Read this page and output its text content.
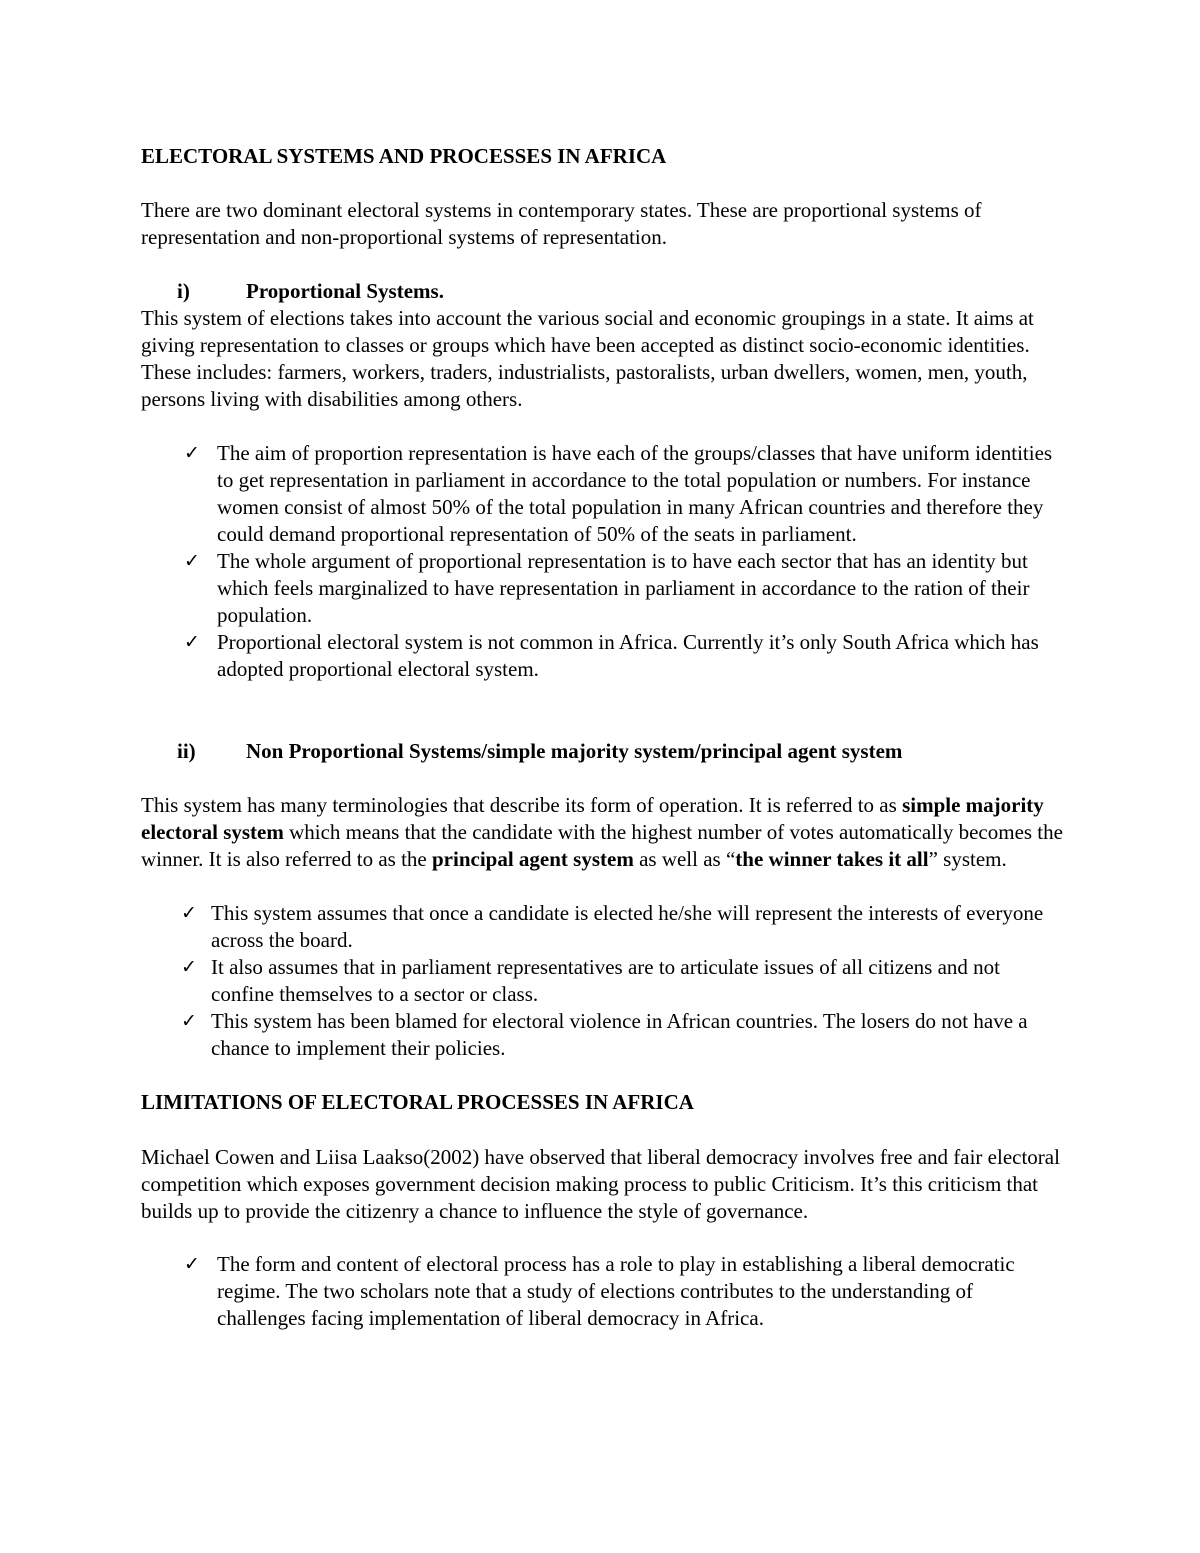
ELECTORAL SYSTEMS AND PROCESSES IN AFRICA

There are two dominant electoral systems in contemporary states. These are proportional systems of representation and non-proportional systems of representation.

i)	Proportional Systems.

This system of elections takes into account the various social and economic groupings in a state. It aims at giving representation to classes or groups which have been accepted as distinct socio-economic identities. These includes: farmers, workers, traders, industrialists, pastoralists, urban dwellers, women, men, youth, persons living with disabilities among others.

✓ The aim of proportion representation is have each of the groups/classes that have uniform identities to get representation in parliament in accordance to the total population or numbers. For instance women consist of almost 50% of the total population in many African countries and therefore they could demand proportional representation of 50% of the seats in parliament.
✓ The whole argument of proportional representation is to have each sector that has an identity but which feels marginalized to have representation in parliament in accordance to the ration of their population.
✓ Proportional electoral system is not common in Africa. Currently it’s only South Africa which has adopted proportional electoral system.
ii) Non Proportional Systems/simple majority system/principal agent system

This system has many terminologies that describe its form of operation. It is referred to as simple majority electoral system which means that the candidate with the highest number of votes automatically becomes the winner. It is also referred to as the principal agent system as well as “the winner takes it all” system.

✓ This system assumes that once a candidate is elected he/she will represent the interests of everyone across the board.
✓ It also assumes that in parliament representatives are to articulate issues of all citizens and not confine themselves to a sector or class.
✓ This system has been blamed for electoral violence in African countries. The losers do not have a chance to implement their policies.
LIMITATIONS OF ELECTORAL PROCESSES IN AFRICA

Michael Cowen and Liisa Laakso(2002) have observed that liberal democracy involves free and fair electoral competition which exposes government decision making process to public Criticism. It’s this criticism that builds up to provide the citizenry a chance to influence the style of governance.

✓ The form and content of electoral process has a role to play in establishing a liberal democratic regime. The two scholars note that a study of elections contributes to the understanding of challenges facing implementation of liberal democracy in Africa.
